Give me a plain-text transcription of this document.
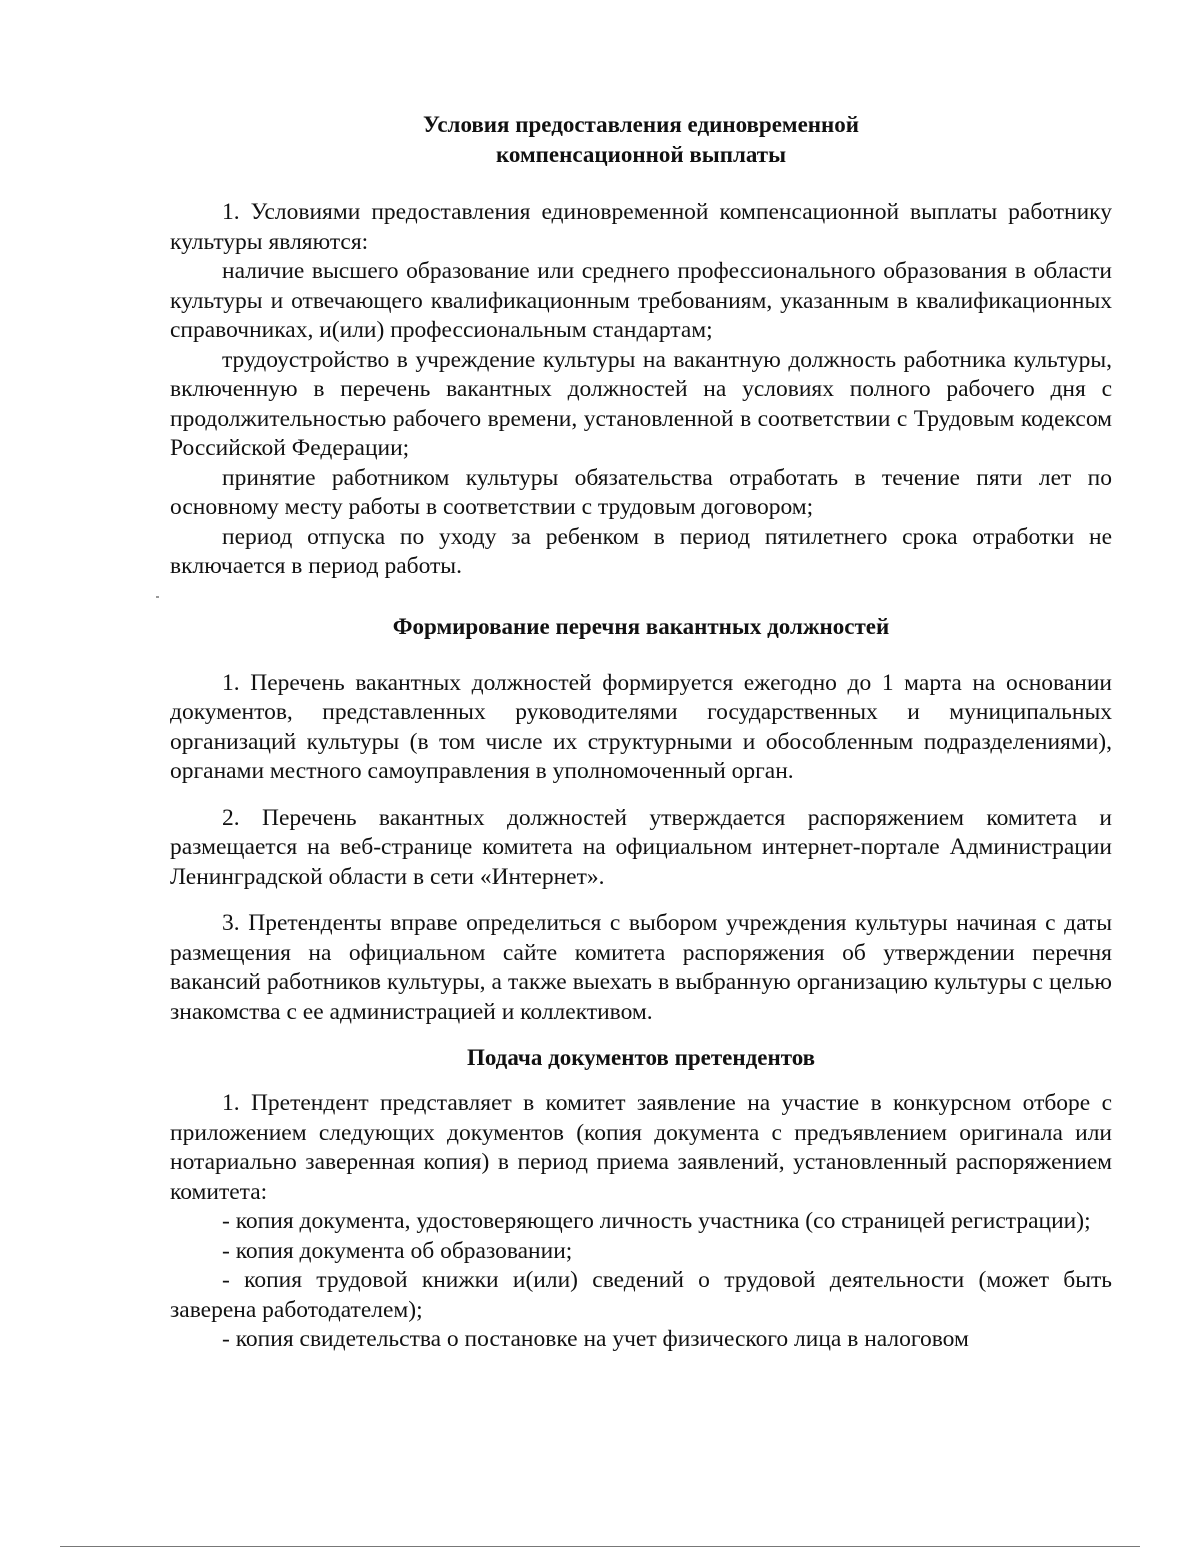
Условия предоставления единовременной
компенсационной выплаты

1. Условиями предоставления единовременной компенсационной выплаты работнику культуры являются:

наличие высшего образование или среднего профессионального образования в области культуры и отвечающего квалификационным требованиям, указанным в квалификационных справочниках, и(или) профессиональным стандартам;
трудоустройство в учреждение культуры на вакантную должность работника культуры, включенную в перечень вакантных должностей на условиях полного рабочего дня с продолжительностью рабочего времени, установленной в соответствии с Трудовым кодексом Российской Федерации;
принятие работником культуры обязательства отработать в течение пяти лет по основному месту работы в соответствии с трудовым договором;
период отпуска по уходу за ребенком в период пятилетнего срока отработки не включается в период работы.
Формирование перечня вакантных должностей

1. Перечень вакантных должностей формируется ежегодно до 1 марта на основании документов, представленных руководителями государственных и муниципальных организаций культуры (в том числе их структурными и обособленным подразделениями), органами местного самоуправления в уполномоченный орган.

2. Перечень вакантных должностей утверждается распоряжением комитета и размещается на веб-странице комитета на официальном интернет-портале Администрации Ленинградской области в сети «Интернет».

3. Претенденты вправе определиться с выбором учреждения культуры начиная с даты размещения на официальном сайте комитета распоряжения об утверждении перечня вакансий работников культуры, а также выехать в выбранную организацию культуры с целью знакомства с ее администрацией и коллективом.

Подача документов претендентов

1. Претендент представляет в комитет заявление на участие в конкурсном отборе с приложением следующих документов (копия документа с предъявлением оригинала или нотариально заверенная копия) в период приема заявлений, установленный распоряжением комитета:

- копия документа, удостоверяющего личность участника (со страницей регистрации);
- копия документа об образовании;
- копия трудовой книжки и(или) сведений о трудовой деятельности (может быть заверена работодателем);
- копия свидетельства о постановке на учет физического лица в налоговом
